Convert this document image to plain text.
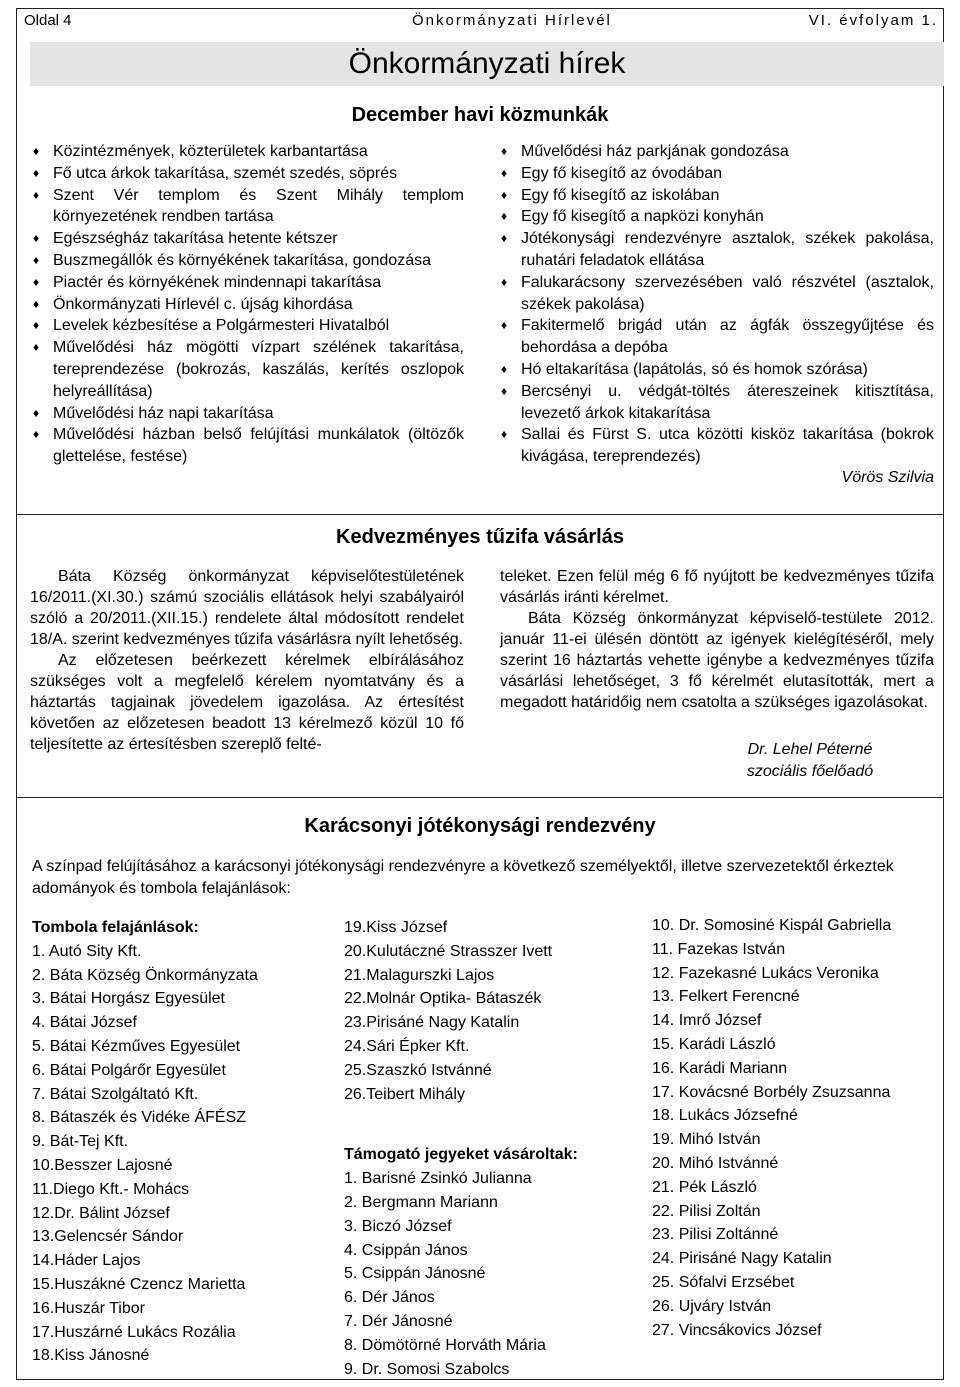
Oldal 4	Önkormányzati Hírlevél	VI. évfolyam 1.
Önkormányzati hírek
December havi közmunkák
♦ Közintézmények, közterületek karbantartása
♦ Fő utca árkok takarítása, szemét szedés, söprés
♦ Szent Vér templom és Szent Mihály templom környezetének rendben tartása
♦ Egészségház takarítása hetente kétszer
♦ Buszmegállók és környékének takarítása, gondozása
♦ Piactér és környékének mindennapi takarítása
♦ Önkormányzati Hírlevél c. újság kihordása
♦ Levelek kézbesítése a Polgármesteri Hivatalból
♦ Művelődési ház mögötti vízpart szélének takarítása, tereprendezése (bokrozás, kaszálás, kerítés oszlopok helyreállítása)
♦ Művelődési ház napi takarítása
♦ Művelődési házban belső felújítási munkálatok (öltözők glettelése, festése)
♦ Művelődési ház parkjának gondozása
♦ Egy fő kisegítő az óvodában
♦ Egy fő kisegítő az iskolában
♦ Egy fő kisegítő a napközi konyhán
♦ Jótékonysági rendezvényre asztalok, székek pakolása, ruhatári feladatok ellátása
♦ Falukarácsony szervezésében való részvétel (asztalok, székek pakolása)
♦ Fakitermelő brigád után az ágfák összegyűjtése és behordása a depóba
♦ Hó eltakarítása (lapátolás, só és homok szórása)
♦ Bercsényi u. védgát-töltés átereszeinek kitisztítása, levezető árkok kitakarítása
♦ Sallai és Fürst S. utca közötti kisköz takarítása (bokrok kivágása, tereprendezés)
Vörös Szilvia
Kedvezményes tűzifa vásárlás

Báta Község önkormányzat képviselőtestületének 16/2011.(XI.30.) számú szociális ellátások helyi szabályairól szóló a 20/2011.(XII.15.) rendelete által módosított rendelet 18/A. szerint kedvezményes tűzifa vásárlásra nyílt lehetőség.

Az előzetesen beérkezett kérelmek elbírálásához szükséges volt a megfelelő kérelem nyomtatvány és a háztartás tagjainak jövedelem igazolása. Az értesítést követően az előzetesen beadott 13 kérelmező közül 10 fő teljesítette az értesítésben szereplő felté-

teleket. Ezen felül még 6 fő nyújtott be kedvezményes tűzifa vásárlás iránti kérelmet.

Báta Község önkormányzat képviselő-testülete 2012. január 11-ei ülésén döntött az igények kielégítéséről, mely szerint 16 háztartás vehette igénybe a kedvezményes tűzifa vásárlási lehetőséget, 3 fő kérelmét elutasították, mert a megadott határidőig nem csatolta a szükséges igazolásokat.

Dr. Lehel Péterné
szociális főelőadó
Karácsonyi jótékonysági rendezvény
A színpad felújításához a karácsonyi jótékonysági rendezvényre a következő személyektől, illetve szervezetektől érkeztek adományok és tombola felajánlások:
Tombola felajánlások:
1. Autó Sity Kft.
2. Báta Község Önkormányzata
3. Bátai Horgász Egyesület
4. Bátai József
5. Bátai Kézműves Egyesület
6. Bátai Polgárőr Egyesület
7. Bátai Szolgáltató Kft.
8. Bátaszék és Vidéke ÁFÉSZ
9. Bát-Tej Kft.
10.Besszer Lajosné
11.Diego Kft.- Mohács
12.Dr. Bálint József
13.Gelencsér Sándor
14.Háder Lajos
15.Huszákné Czencz Marietta
16.Huszár Tibor
17.Huszárné Lukács Rozália
18.Kiss Jánosné
19.Kiss József
20.Kulutáczné Strasszer Ivett
21.Malagurszki Lajos
22.Molnár Optika- Bátaszék
23.Pirisáné Nagy Katalin
24.Sári Épker Kft.
25.Szaszkó Istvánné
26.Teibert Mihály
Támogató jegyeket vásároltak:
1. Barisné Zsinkó Julianna
2. Bergmann Mariann
3. Biczó József
4. Csippán János
5. Csippán Jánosné
6. Dér János
7. Dér Jánosné
8. Dömötörné Horváth Mária
9. Dr. Somosi Szabolcs
10. Dr. Somosiné Kispál Gabriella
11. Fazekas István
12. Fazekasné Lukács Veronika
13. Felkert Ferencné
14. Imrő József
15. Karádi László
16. Karádi Mariann
17. Kovácsné Borbély Zsuzsanna
18. Lukács Józsefné
19. Mihó István
20. Mihó Istvánné
21. Pék László
22. Pilisi Zoltán
23. Pilisi Zoltánné
24. Pirisáné Nagy Katalin
25. Sófalvi Erzsébet
26. Ujváry István
27. Vincsákovics József
